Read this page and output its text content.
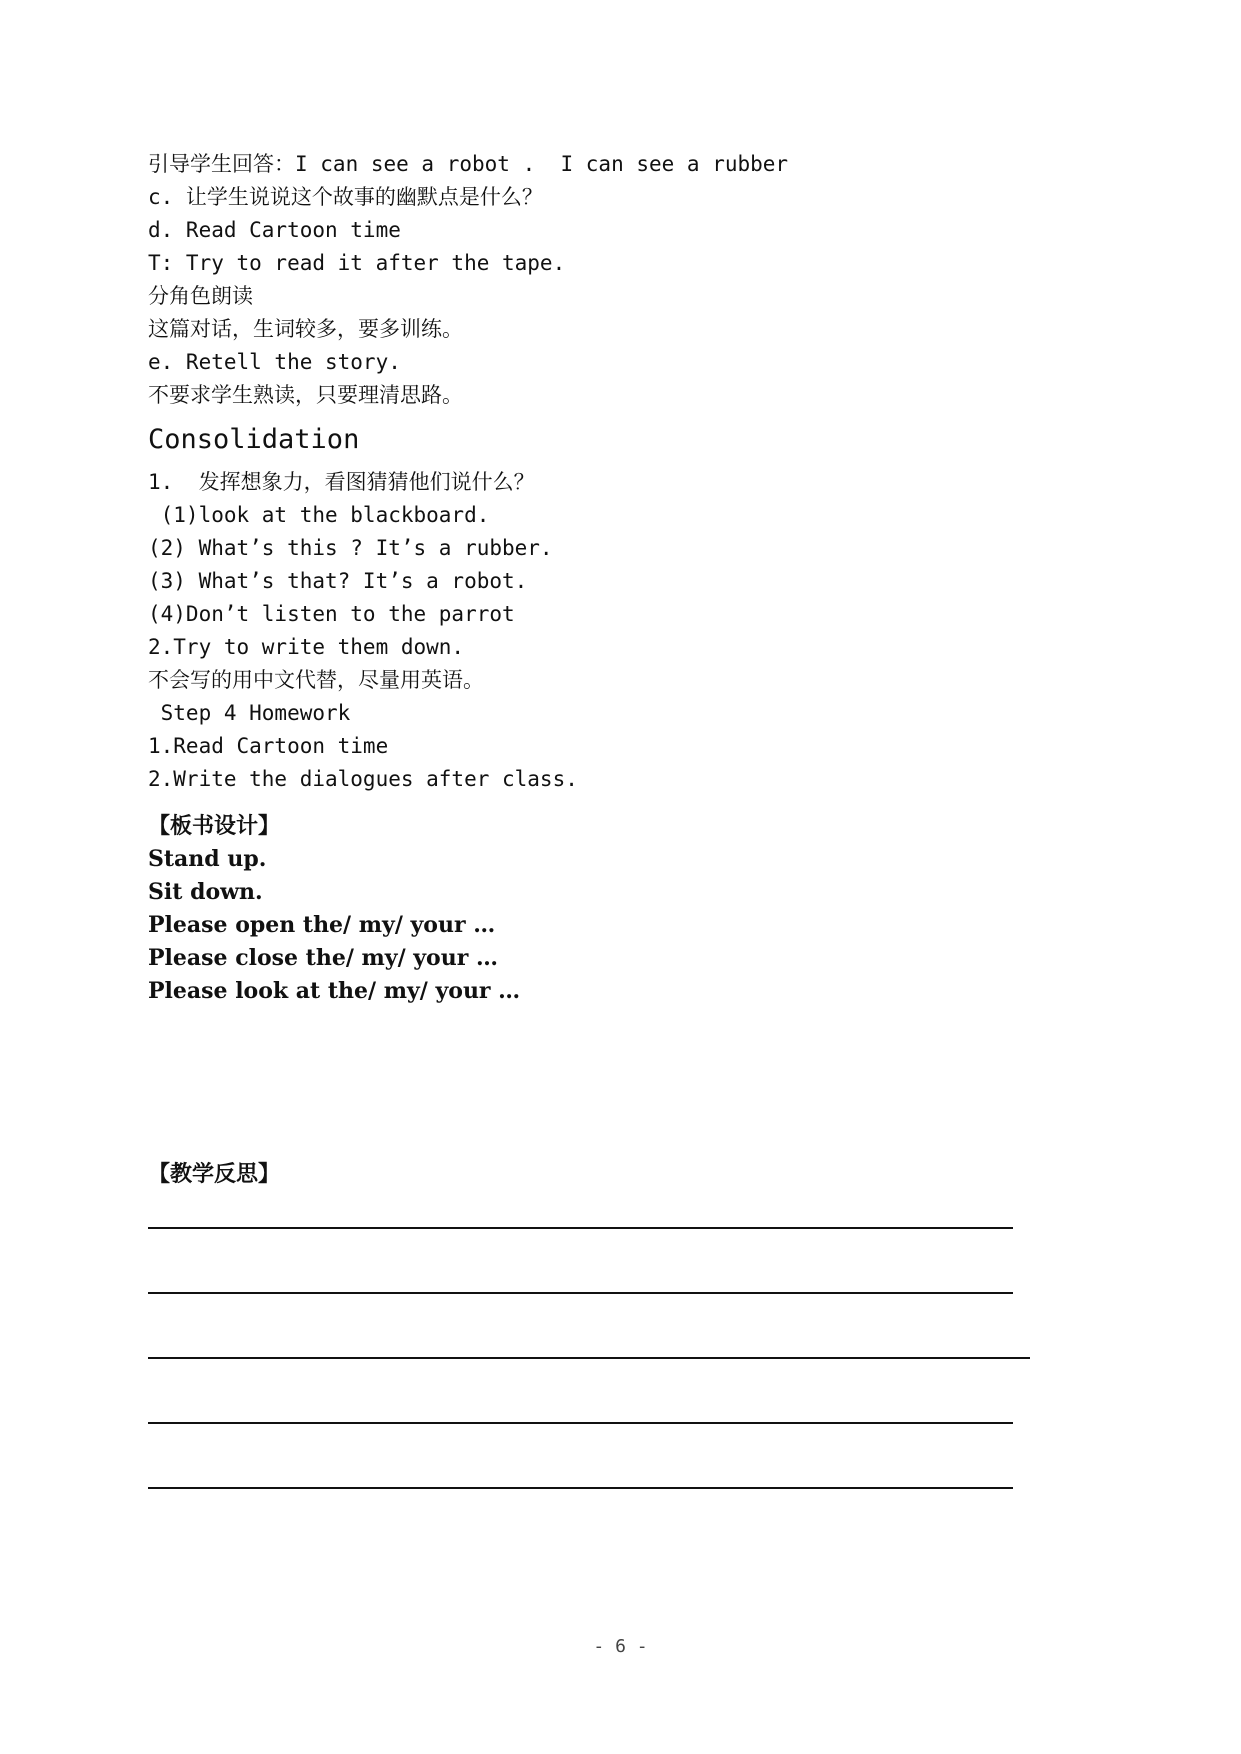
引导学生回答：I can see a robot .  I can see a rubber
c. 让学生说说这个故事的幽默点是什么？
d. Read Cartoon time
T: Try to read it after the tape.
分角色朗读
这篇对话，生词较多，要多训练。
e. Retell the story.
不要求学生熟读，只要理清思路。
Consolidation
1.  发挥想象力，看图猜猜他们说什么？
(1)look at the blackboard.
(2) What’s this ? It’s a rubber.
(3) What’s that? It’s a robot.
(4)Don’t listen to the parrot
2.Try to write them down.
不会写的用中文代替，尽量用英语。
Step 4 Homework
1.Read Cartoon time
2.Write the dialogues after class.
【板书设计】
Stand up.
Sit down.
Please open the/ my/ your …
Please close the/ my/ your …
Please look at the/ my/ your …
【教学反思】
- 6 -
